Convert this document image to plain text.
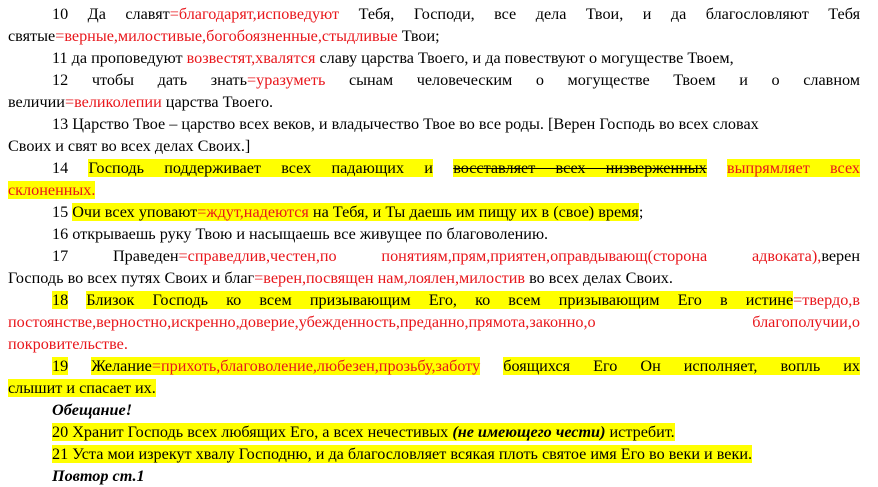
10 Да славят=благодарят,исповедуют Тебя, Господи, все дела Твои, и да благословляют Тебя
святые=верные,милостивые,богобоязненные,стыдливые Твои;
11 да проповедуют возвестят,хвалятся славу царства Твоего, и да повествуют о могуществе Твоем,
12 чтобы дать знать=уразуметь сынам человеческим о могуществе Твоем и о славном
величии=великолепии царства Твоего.
13 Царство Твое – царство всех веков, и владычество Твое во все роды. [Верен Господь во всех словах
Своих и свят во всех делах Своих.]
14 Господь поддерживает всех падающих и восставляет всех низверженных выпрямляет всех
склоненных.
15 Очи всех уповают=ждут,надеются на Тебя, и Ты даешь им пищу их в (свое) время;
16 открываешь руку Твою и насыщаешь все живущее по благоволению.
17	Праведен=справедлив,честен,по понятиям,прям,приятен,оправдывающ(сторона адвоката),верен
Господь во всех путях Своих и благ=верен,посвящен нам,лоялен,милостив во всех делах Своих.
18 Близок Господь ко всем призывающим Его, ко всем призывающим Его в истине=твердо,в
постоянстве,верностно,искренно,доверие,убежденность,преданно,прямота,законно,о благополучии,о
покровительстве.
19 Желание=прихоть,благоволение,любезен,прозьбу,заботу боящихся Его Он исполняет, вопль их
слышит и спасает их.
Обещание!
20 Хранит Господь всех любящих Его, а всех нечестивых (не имеющего чести) истребит.
21 Уста мои изрекут хвалу Господню, и да благословляет всякая плоть святое имя Его во веки и веки.
Повтор ст.1
